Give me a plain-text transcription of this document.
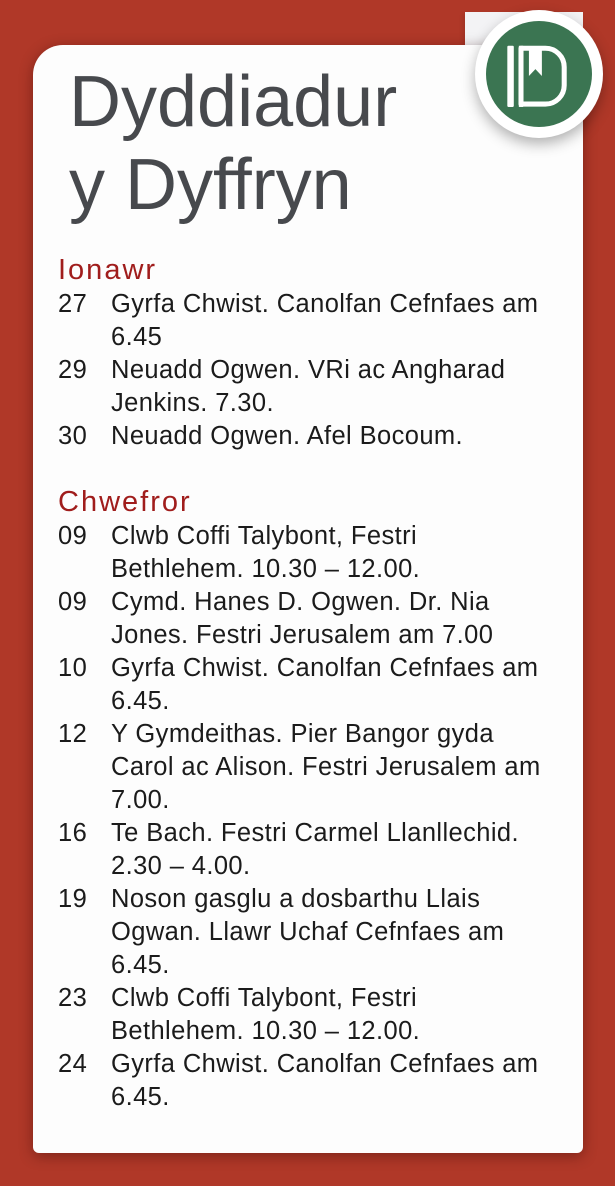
Dyddiadur
y Dyffryn
Ionawr
27 Gyrfa Chwist. Canolfan Cefnfaes am
6.45
29 Neuadd Ogwen. VRi ac Angharad
Jenkins. 7.30.
30 Neuadd Ogwen. Afel Bocoum.
Chwefror
09 Clwb Coffi Talybont, Festri
Bethlehem. 10.30 – 12.00.
09 Cymd. Hanes D. Ogwen. Dr. Nia
Jones. Festri Jerusalem am 7.00
10 Gyrfa Chwist. Canolfan Cefnfaes am
6.45.
12 Y Gymdeithas. Pier Bangor gyda
Carol ac Alison. Festri Jerusalem am
7.00.
16 Te Bach. Festri Carmel Llanllechid.
2.30 – 4.00.
19 Noson gasglu a dosbarthu Llais
Ogwan. Llawr Uchaf Cefnfaes am
6.45.
23 Clwb Coffi Talybont, Festri
Bethlehem. 10.30 – 12.00.
24 Gyrfa Chwist. Canolfan Cefnfaes am
6.45.
